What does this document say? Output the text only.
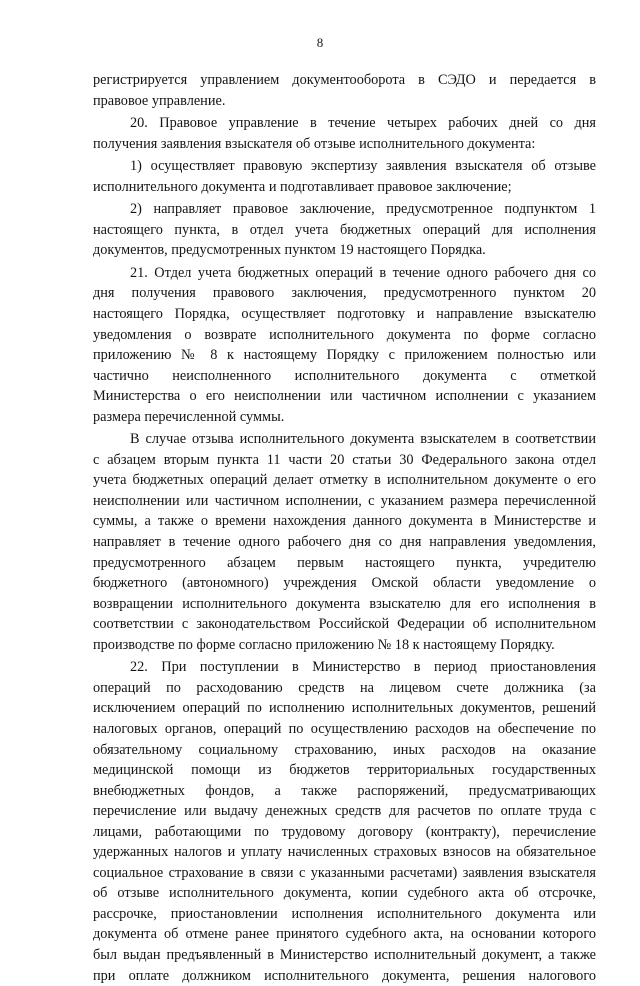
8
регистрируется управлением документооборота в СЭДО и передается в
правовое управление.
20. Правовое управление в течение четырех рабочих дней со дня
получения заявления взыскателя об отзыве исполнительного документа:
1) осуществляет правовую экспертизу заявления взыскателя об отзыве
исполнительного документа и подготавливает правовое заключение;
2) направляет правовое заключение, предусмотренное подпунктом 1
настоящего пункта, в отдел учета бюджетных операций для исполнения
документов, предусмотренных пунктом 19 настоящего Порядка.
21. Отдел учета бюджетных операций в течение одного рабочего дня со
дня получения правового заключения, предусмотренного пунктом 20
настоящего Порядка, осуществляет подготовку и направление взыскателю
уведомления о возврате исполнительного документа по форме согласно
приложению № 8 к настоящему Порядку с приложением полностью или
частично неисполненного исполнительного документа с отметкой
Министерства о его неисполнении или частичном исполнении с указанием
размера перечисленной суммы.
В случае отзыва исполнительного документа взыскателем в соответствии
с абзацем вторым пункта 11 части 20 статьи 30 Федерального закона отдел
учета бюджетных операций делает отметку в исполнительном документе о его
неисполнении или частичном исполнении, с указанием размера перечисленной
суммы, а также о времени нахождения данного документа в Министерстве и
направляет в течение одного рабочего дня со дня направления уведомления,
предусмотренного абзацем первым настоящего пункта, учредителю
бюджетного (автономного) учреждения Омской области уведомление о
возвращении исполнительного документа взыскателю для его исполнения в
соответствии с законодательством Российской Федерации об исполнительном
производстве по форме согласно приложению № 18 к настоящему Порядку.
22. При поступлении в Министерство в период приостановления
операций по расходованию средств на лицевом счете должника (за
исключением операций по исполнению исполнительных документов, решений
налоговых органов, операций по осуществлению расходов на обеспечение по
обязательному социальному страхованию, иных расходов на оказание
медицинской помощи из бюджетов территориальных государственных
внебюджетных фондов, а также распоряжений, предусматривающих
перечисление или выдачу денежных средств для расчетов по оплате труда с
лицами, работающими по трудовому договору (контракту), перечисление
удержанных налогов и уплату начисленных страховых взносов на обязательное
социальное страхование в связи с указанными расчетами) заявления взыскателя
об отзыве исполнительного документа, копии судебного акта об отсрочке,
рассрочке, приостановлении исполнения исполнительного документа или
документа об отмене ранее принятого судебного акта, на основании которого
был выдан предъявленный в Министерство исполнительный документ, а также
при оплате должником исполнительного документа, решения налогового
